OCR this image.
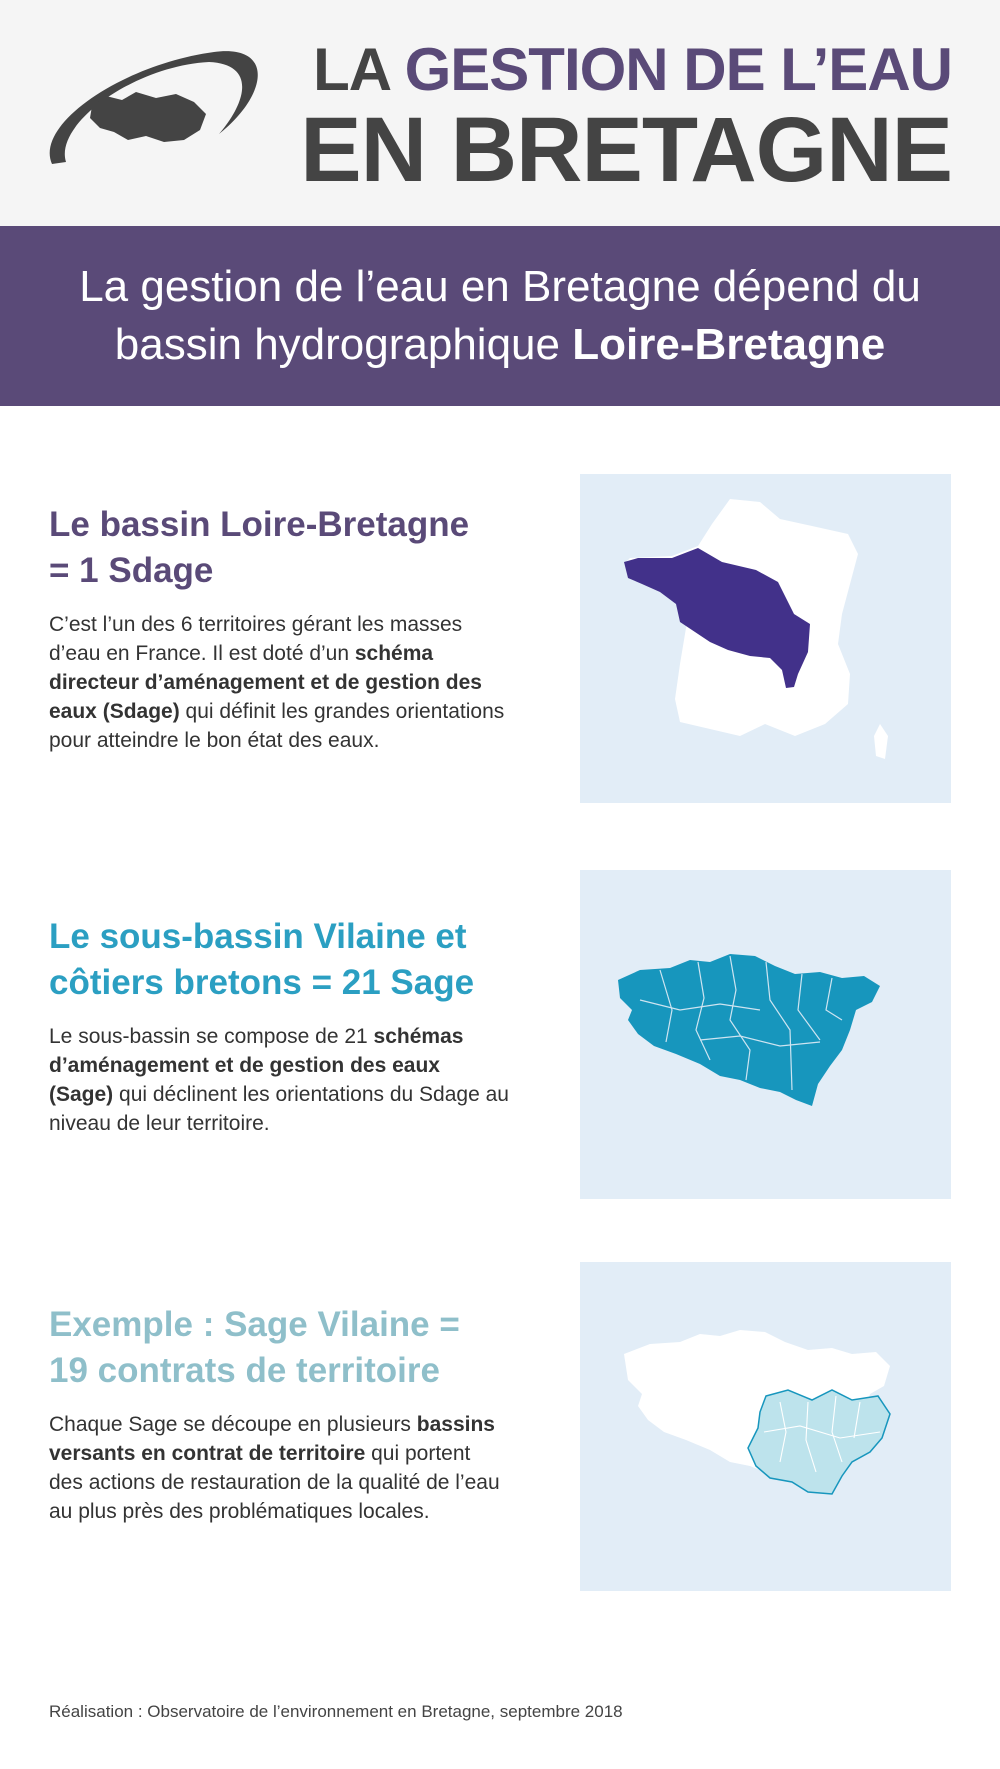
LA GESTION DE L’EAU
EN BRETAGNE
La gestion de l’eau en Bretagne dépend du
bassin hydrographique Loire-Bretagne
Le bassin Loire-Bretagne
= 1 Sdage

C’est l’un des 6 territoires gérant les masses d’eau en France. Il est doté d’un schéma directeur d’aménagement et de gestion des eaux (Sdage) qui définit les grandes orientations pour atteindre le bon état des eaux.

Le sous-bassin Vilaine et
côtiers bretons = 21 Sage

Le sous-bassin se compose de 21 schémas d’aménagement et de gestion des eaux (Sage) qui déclinent les orientations du Sdage au niveau de leur territoire.

Exemple : Sage Vilaine =
19 contrats de territoire

Chaque Sage se découpe en plusieurs bassins versants en contrat de territoire qui portent des actions de restauration de la qualité de l’eau au plus près des problématiques locales.

Réalisation : Observatoire de l’environnement en Bretagne, septembre 2018
